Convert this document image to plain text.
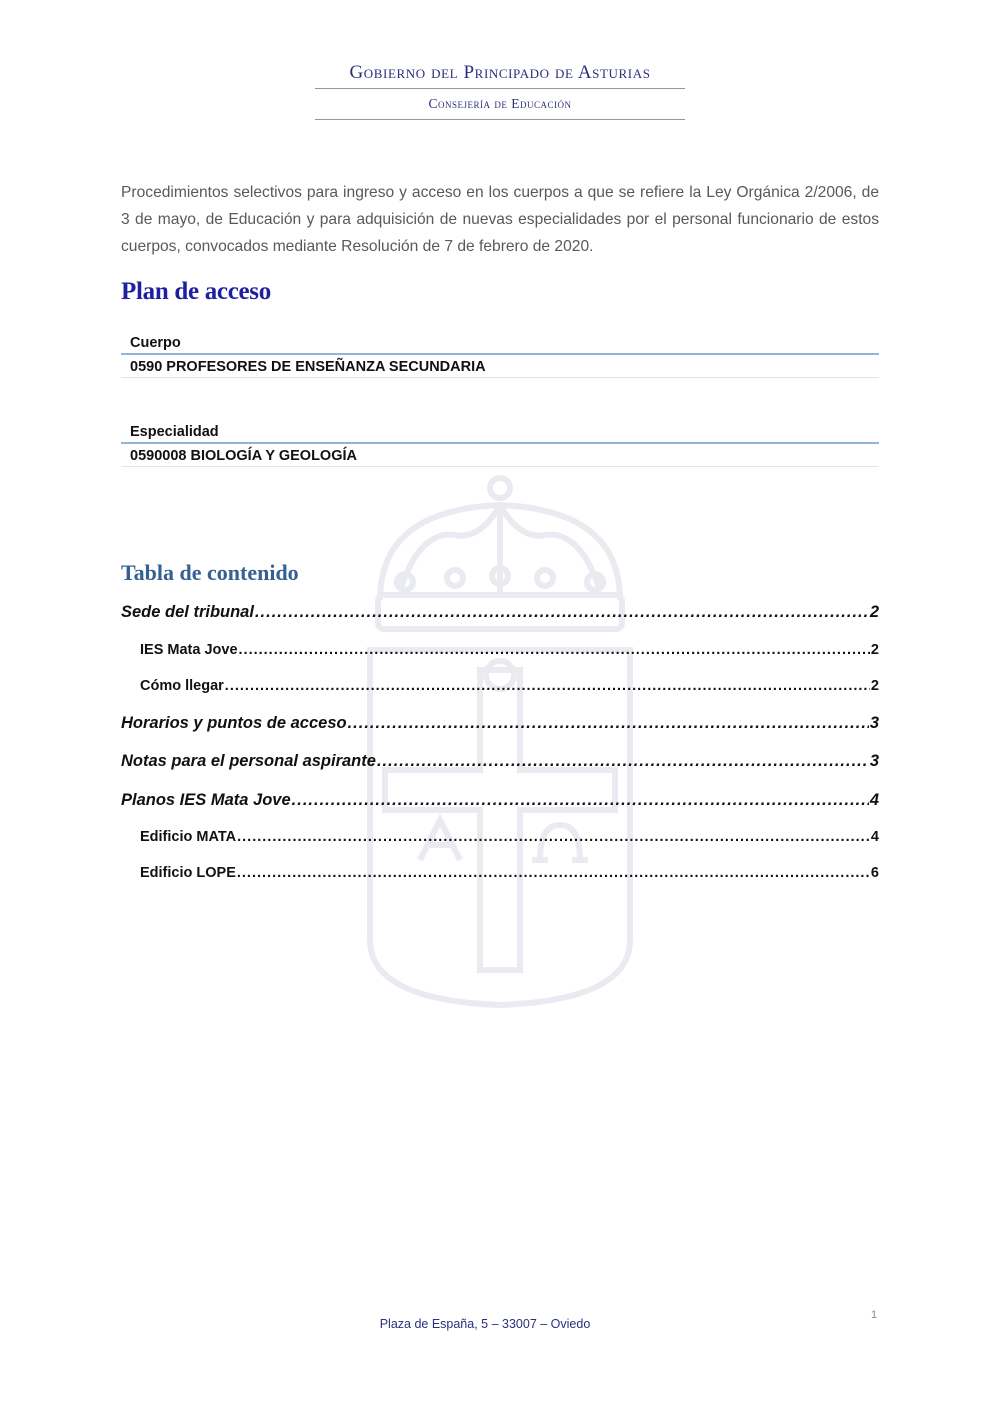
Gobierno del Principado de Asturias
Consejería de Educación
Procedimientos selectivos para ingreso y acceso en los cuerpos a que se refiere la Ley Orgánica 2/2006, de 3 de mayo, de Educación y para adquisición de nuevas especialidades por el personal funcionario de estos cuerpos, convocados mediante Resolución de 7 de febrero de 2020.
Plan de acceso
Cuerpo
0590 PROFESORES DE ENSEÑANZA SECUNDARIA
Especialidad
0590008 BIOLOGÍA Y GEOLOGÍA
Tabla de contenido
Sede del tribunal .....	2
IES Mata Jove .....	2
Cómo llegar .....	2
Horarios y puntos de acceso .....	3
Notas para el personal aspirante .....	3
Planos IES Mata Jove .....	4
Edificio MATA .....	4
Edificio LOPE .....	6
1
Plaza de España, 5 – 33007 – Oviedo
